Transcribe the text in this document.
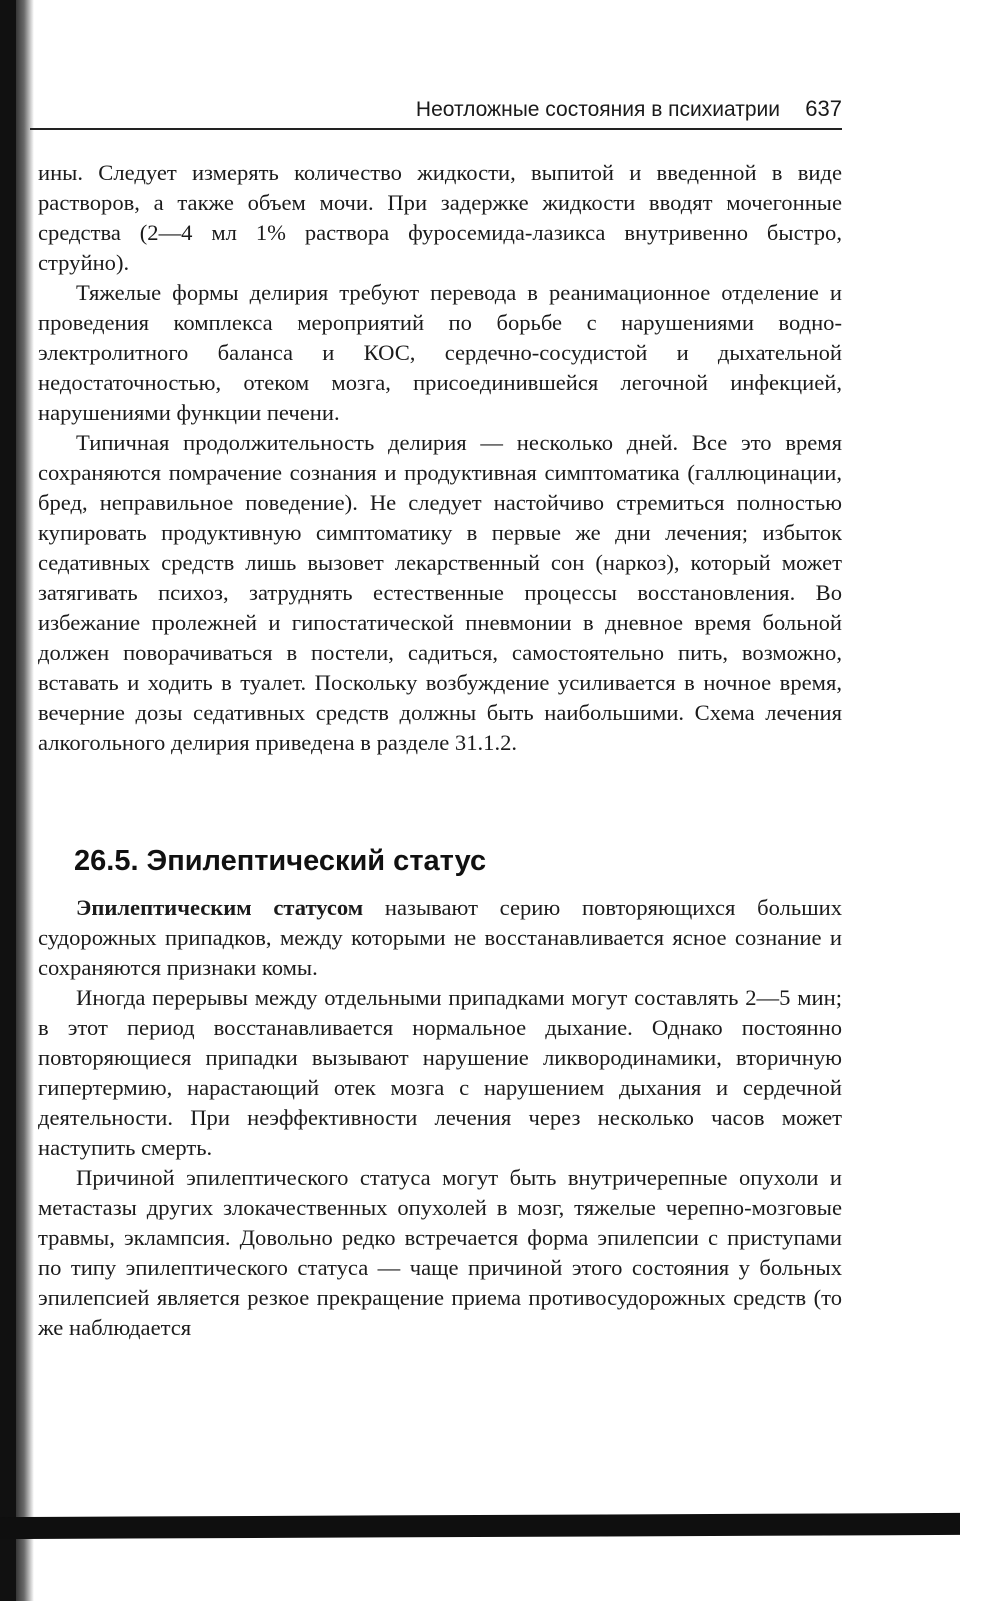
Неотложные состояния в психиатрии 637

ины. Следует измерять количество жидкости, выпитой и введенной в виде растворов, а также объем мочи. При задержке жидкости вводят мочегонные средства (2—4 мл 1% раствора фуросемида-лазикса внутривенно быстро, струйно).

Тяжелые формы делирия требуют перевода в реанимационное отделение и проведения комплекса мероприятий по борьбе с нарушениями водно-электролитного баланса и КОС, сердечно-сосудистой и дыхательной недостаточностью, отеком мозга, присоединившейся легочной инфекцией, нарушениями функции печени.

Типичная продолжительность делирия — несколько дней. Все это время сохраняются помрачение сознания и продуктивная симптоматика (галлюцинации, бред, неправильное поведение). Не следует настойчиво стремиться полностью купировать продуктивную симптоматику в первые же дни лечения; избыток седативных средств лишь вызовет лекарственный сон (наркоз), который может затягивать психоз, затруднять естественные процессы восстановления. Во избежание пролежней и гипостатической пневмонии в дневное время больной должен поворачиваться в постели, садиться, самостоятельно пить, возможно, вставать и ходить в туалет. Поскольку возбуждение усиливается в ночное время, вечерние дозы седативных средств должны быть наибольшими. Схема лечения алкогольного делирия приведена в разделе 31.1.2.

26.5. Эпилептический статус

Эпилептическим статусом называют серию повторяющихся больших судорожных припадков, между которыми не восстанавливается ясное сознание и сохраняются признаки комы.

Иногда перерывы между отдельными припадками могут составлять 2—5 мин; в этот период восстанавливается нормальное дыхание. Однако постоянно повторяющиеся припадки вызывают нарушение ликвородинамики, вторичную гипертермию, нарастающий отек мозга с нарушением дыхания и сердечной деятельности. При неэффективности лечения через несколько часов может наступить смерть.

Причиной эпилептического статуса могут быть внутричерепные опухоли и метастазы других злокачественных опухолей в мозг, тяжелые черепно-мозговые травмы, эклампсия. Довольно редко встречается форма эпилепсии с приступами по типу эпилептического статуса — чаще причиной этого состояния у больных эпилепсией является резкое прекращение приема противосудорожных средств (то же наблюдается
